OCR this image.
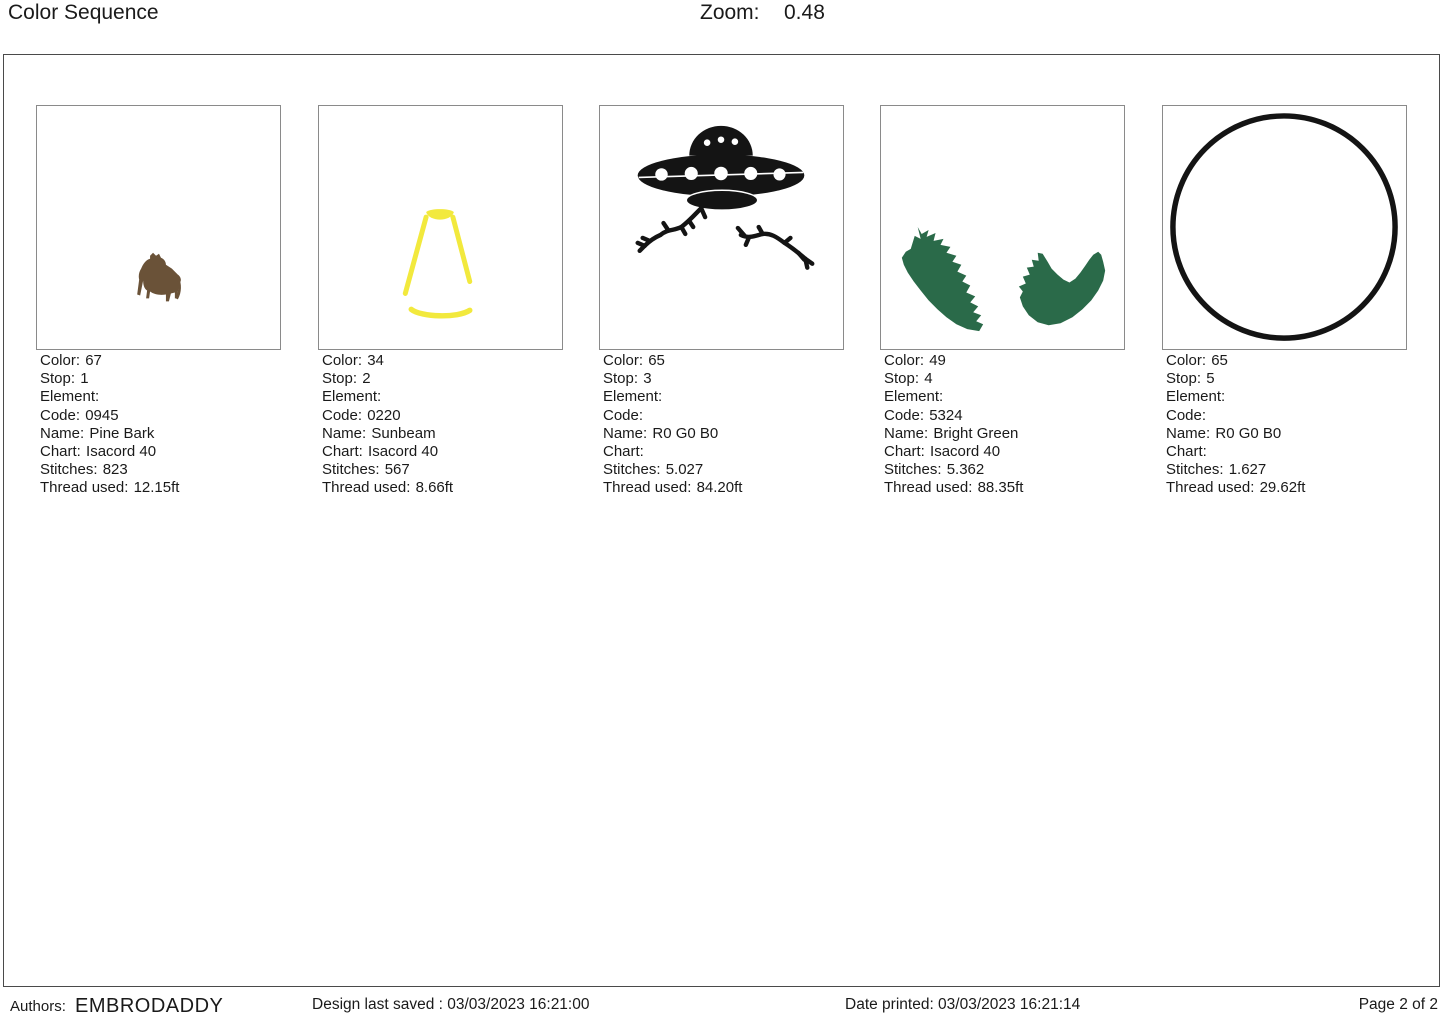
Color Sequence	Zoom: 0.48
Color: 67
Stop: 1
Element:
Code: 0945
Name: Pine Bark
Chart: Isacord 40
Stitches: 823
Thread used: 12.15ft
Color: 34
Stop: 2
Element:
Code: 0220
Name: Sunbeam
Chart: Isacord 40
Stitches: 567
Thread used: 8.66ft
Color: 65
Stop: 3
Element:
Code:
Name: R0 G0 B0
Chart:
Stitches: 5.027
Thread used: 84.20ft
Color: 49
Stop: 4
Element:
Code: 5324
Name: Bright Green
Chart: Isacord 40
Stitches: 5.362
Thread used: 88.35ft
Color: 65
Stop: 5
Element:
Code:
Name: R0 G0 B0
Chart:
Stitches: 1.627
Thread used: 29.62ft
Authors: EMBRODADDY	Design last saved : 03/03/2023 16:21:00	Date printed: 03/03/2023 16:21:14	Page 2 of 2
